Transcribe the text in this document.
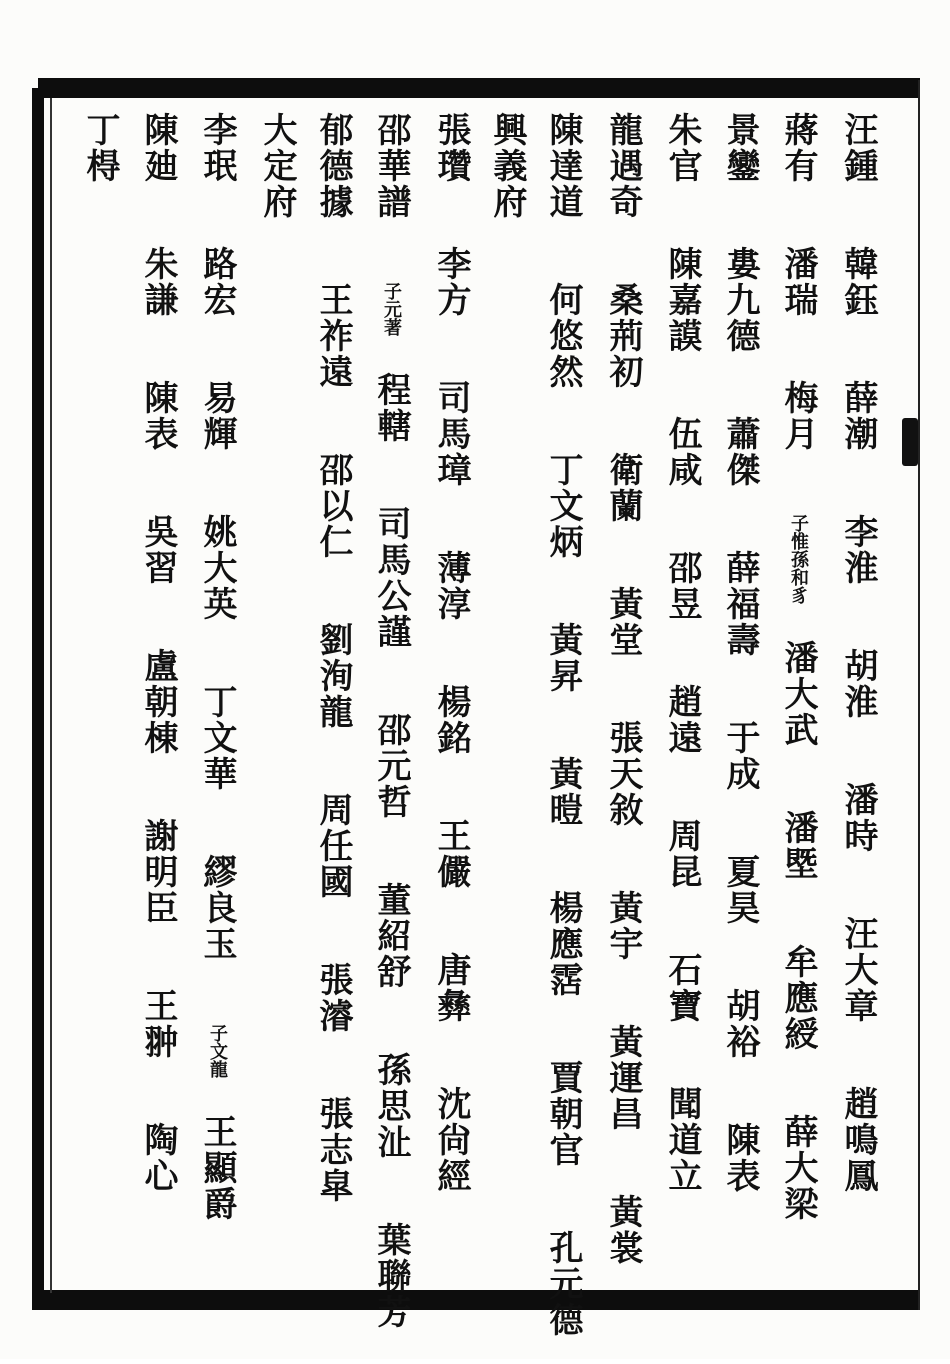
汪鍾　韓鈺　薛潮　李淮　胡淮　潘時　汪大章　趙鳴鳳　
蔣有　潘瑞　梅月　子惟孫和豸　潘大武　潘塈　牟應綬　薛大梁　
景鑾　婁九德　蕭傑　薛福壽　于成　夏昊　胡裕　陳表　
朱官　陳嘉謨　伍咸　邵昱　趙遠　周昆　石寶　聞道立　
龍遇奇　桑荊初　衛蘭　黃堂　張天敘　黃宇　黃運昌　黃裳　
陳達道　何悠然　丁文炳　黃昇　黃暟　楊應霑　賈朝官　孔元德　
興義府
張瓚　李方　司馬璋　薄淳　楊銘　王儼　唐彝　沈尙經　
邵華譜　子元著　程轄　司馬公謹　邵元哲　董紹舒　孫思沚　葉聯芳　
郁德據　王祚遠　邵以仁　劉洵龍　周任國　張濬　張志皐　
大定府
李珉　路宏　易輝　姚大英　丁文華　繆良玉　子文龍　王顯爵　
陳廸　朱謙　陳表　吳習　盧朝棟　謝明臣　王翀　陶心　
丁棏　
